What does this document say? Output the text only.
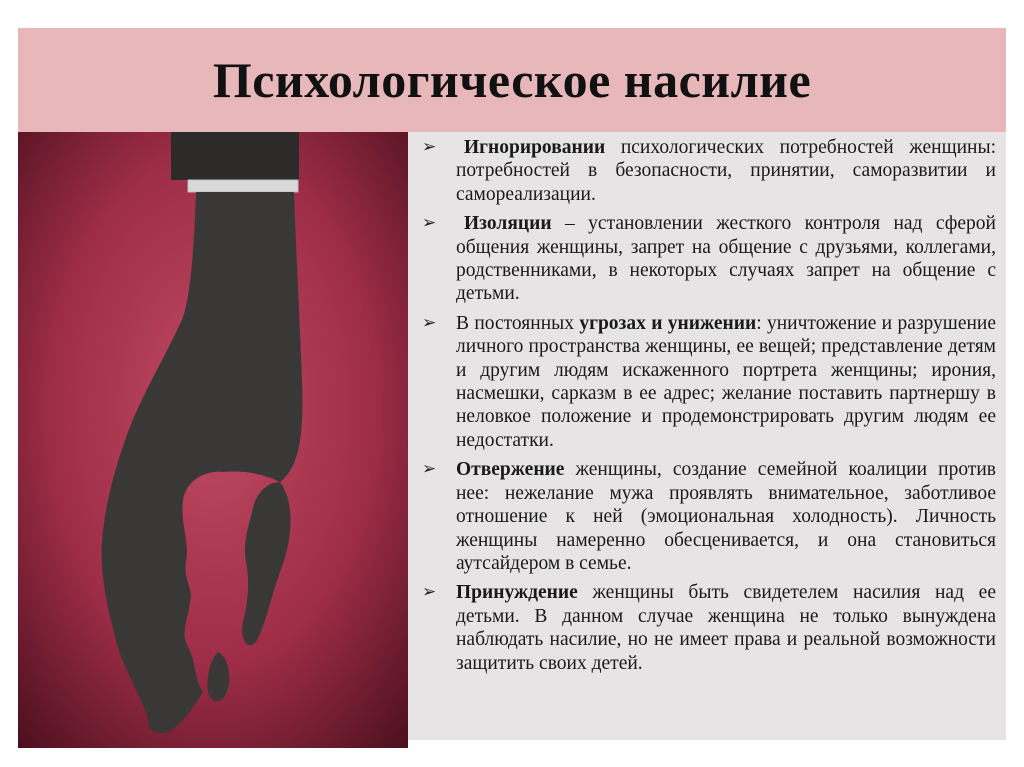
Психологическое насилие
➢	Игнорировании психологических потребностей женщины: потребностей в безопасности, принятии, саморазвитии и самореализации.
➢	Изоляции – установлении жесткого контроля над сферой общения женщины, запрет на общение с друзьями, коллегами, родственниками, в некоторых случаях запрет на общение с детьми.
➢	В постоянных угрозах и унижении: уничтожение и разрушение личного пространства женщины, ее вещей; представление детям и другим людям искаженного портрета женщины; ирония, насмешки, сарказм в ее адрес; желание поставить партнершу в неловкое положение и продемонстрировать другим людям ее недостатки.
➢	Отвержение женщины, создание семейной коалиции против нее: нежелание мужа проявлять внимательное, заботливое отношение к ней (эмоциональная холодность). Личность женщины намеренно обесценивается, и она становиться аутсайдером в семье.
➢	Принуждение женщины быть свидетелем насилия над ее детьми. В данном случае женщина не только вынуждена наблюдать насилие, но не имеет права и реальной возможности защитить своих детей.
